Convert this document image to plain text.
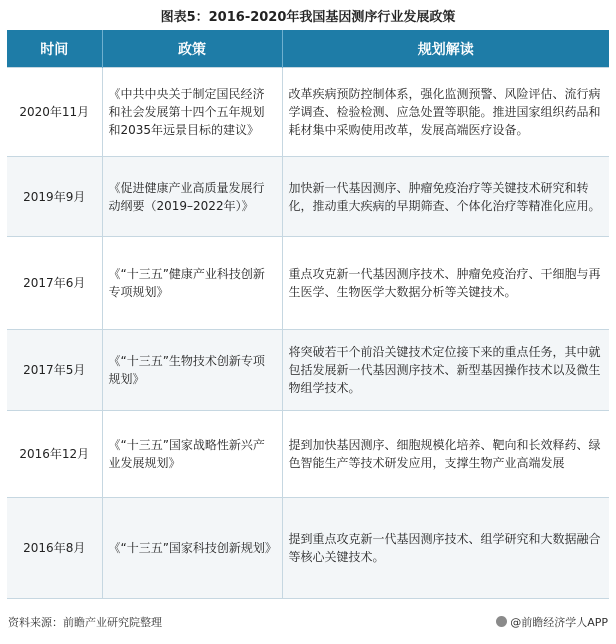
图表5：2016-2020年我国基因测序行业发展政策
时间	政策	规划解读
2020年11月	《中共中央关于制定国民经济和社会发展第十四个五年规划和2035年远景目标的建议》	改革疾病预防控制体系，强化监测预警、风险评估、流行病学调查、检验检测、应急处置等职能。推进国家组织药品和耗材集中采购使用改革，发展高端医疗设备。
2019年9月	《促进健康产业高质量发展行动纲要（2019–2022年）》	加快新一代基因测序、肿瘤免疫治疗等关键技术研究和转化，推动重大疾病的早期筛查、个体化治疗等精准化应用。
2017年6月	《“十三五”健康产业科技创新专项规划》	重点攻克新一代基因测序技术、肿瘤免疫治疗、干细胞与再生医学、生物医学大数据分析等关键技术。
2017年5月	《“十三五”生物技术创新专项规划》	将突破若干个前沿关键技术定位接下来的重点任务，其中就包括发展新一代基因测序技术、新型基因操作技术以及微生物组学技术。
2016年12月	《“十三五”国家战略性新兴产业发展规划》	提到加快基因测序、细胞规模化培养、靶向和长效释药、绿色智能生产等技术研发应用，支撑生物产业高端发展
2016年8月	《“十三五”国家科技创新规划》	提到重点攻克新一代基因测序技术、组学研究和大数据融合等核心关键技术。
资料来源：前瞻产业研究院整理	@前瞻经济学人APP
